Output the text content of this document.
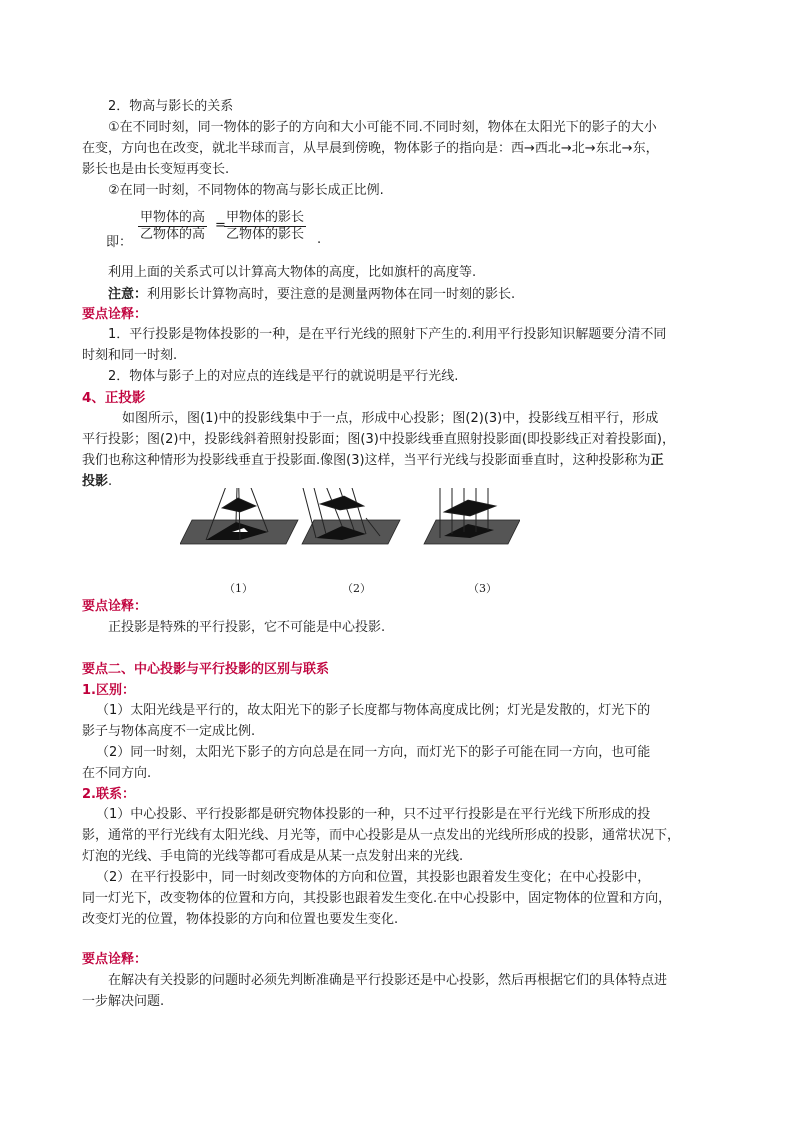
2．物高与影长的关系
①在不同时刻，同一物体的影子的方向和大小可能不同.不同时刻，物体在太阳光下的影子的大小
在变，方向也在改变，就北半球而言，从早晨到傍晚，物体影子的指向是：西→西北→北→东北→东，
影长也是由长变短再变长.
②在同一时刻，不同物体的物高与影长成正比例.
即：
甲物体的高
乙物体的高
=
甲物体的影长
乙物体的影长 .
利用上面的关系式可以计算高大物体的高度，比如旗杆的高度等.
注意：利用影长计算物高时，要注意的是测量两物体在同一时刻的影长.
要点诠释：
1．平行投影是物体投影的一种，是在平行光线的照射下产生的.利用平行投影知识解题要分清不同
时刻和同一时刻.
2．物体与影子上的对应点的连线是平行的就说明是平行光线.
4、正投影
如图所示，图(1)中的投影线集中于一点，形成中心投影；图(2)(3)中，投影线互相平行，形成
平行投影；图(2)中，投影线斜着照射投影面；图(3)中投影线垂直照射投影面(即投影线正对着投影面)，
我们也称这种情形为投影线垂直于投影面.像图(3)这样，当平行光线与投影面垂直时，这种投影称为正
投影.
（1）	（2）	（3）
要点诠释：
正投影是特殊的平行投影，它不可能是中心投影.
要点二、中心投影与平行投影的区别与联系
1.区别：
（1）太阳光线是平行的，故太阳光下的影子长度都与物体高度成比例；灯光是发散的，灯光下的
影子与物体高度不一定成比例.
（2）同一时刻，太阳光下影子的方向总是在同一方向，而灯光下的影子可能在同一方向，也可能
在不同方向.
2.联系：
（1）中心投影、平行投影都是研究物体投影的一种，只不过平行投影是在平行光线下所形成的投
影，通常的平行光线有太阳光线、月光等，而中心投影是从一点发出的光线所形成的投影，通常状况下，
灯泡的光线、手电筒的光线等都可看成是从某一点发射出来的光线.
（2）在平行投影中，同一时刻改变物体的方向和位置，其投影也跟着发生变化；在中心投影中，
同一灯光下，改变物体的位置和方向，其投影也跟着发生变化.在中心投影中，固定物体的位置和方向，
改变灯光的位置，物体投影的方向和位置也要发生变化.
要点诠释：
在解决有关投影的问题时必须先判断准确是平行投影还是中心投影，然后再根据它们的具体特点进
一步解决问题.
